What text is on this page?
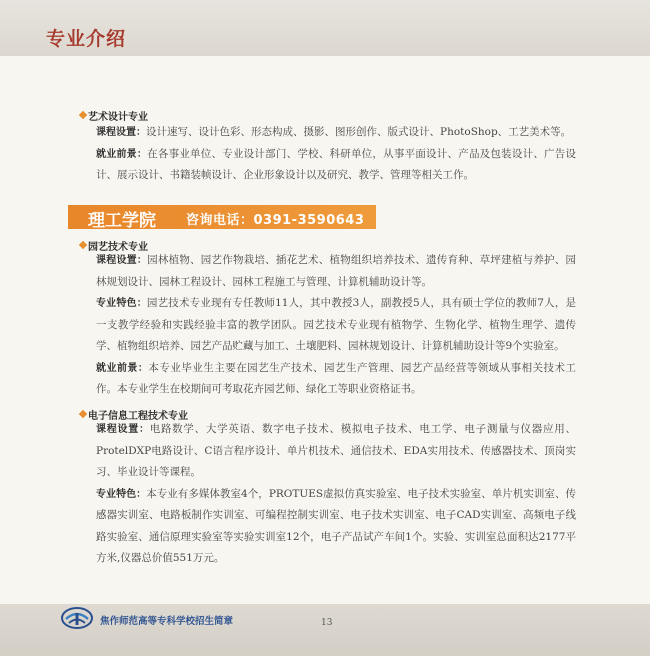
专业介绍
艺术设计专业
课程设置：设计速写、设计色彩、形态构成、摄影、图形创作、版式设计、PhotoShop、工艺美术等。
就业前景：在各事业单位、专业设计部门、学校、科研单位，从事平面设计、产品及包装设计、广告设计、展示设计、书籍装帧设计、企业形象设计以及研究、教学、管理等相关工作。
理工学院 咨询电话：0391-3590643
园艺技术专业
课程设置：园林植物、园艺作物栽培、插花艺术、植物组织培养技术、遗传育种、草坪建植与养护、园林规划设计、园林工程设计、园林工程施工与管理、计算机辅助设计等。
专业特色：园艺技术专业现有专任教师11人，其中教授3人，副教授5人，具有硕士学位的教师7人，是一支教学经验和实践经验丰富的教学团队。园艺技术专业现有植物学、生物化学、植物生理学、遗传学、植物组织培养、园艺产品贮藏与加工、土壤肥料、园林规划设计、计算机辅助设计等9个实验室。
就业前景：本专业毕业生主要在园艺生产技术、园艺生产管理、园艺产品经营等领域从事相关技术工作。本专业学生在校期间可考取花卉园艺师、绿化工等职业资格证书。
电子信息工程技术专业
课程设置：电路数学、大学英语、数字电子技术、模拟电子技术、电工学、电子测量与仪器应用、ProtelDXP电路设计、C语言程序设计、单片机技术、通信技术、EDA实用技术、传感器技术、顶岗实习、毕业设计等课程。
专业特色：本专业有多媒体教室4个，PROTUES虚拟仿真实验室、电子技术实验室、单片机实训室、传感器实训室、电路板制作实训室、可编程控制实训室、电子技术实训室、电子CAD实训室、高频电子线路实验室、通信原理实验室等实验实训室12个，电子产品试产车间1个。实验、实训室总面积达2177平方米,仪器总价值551万元。
焦作师范高等专科学校招生简章	13
